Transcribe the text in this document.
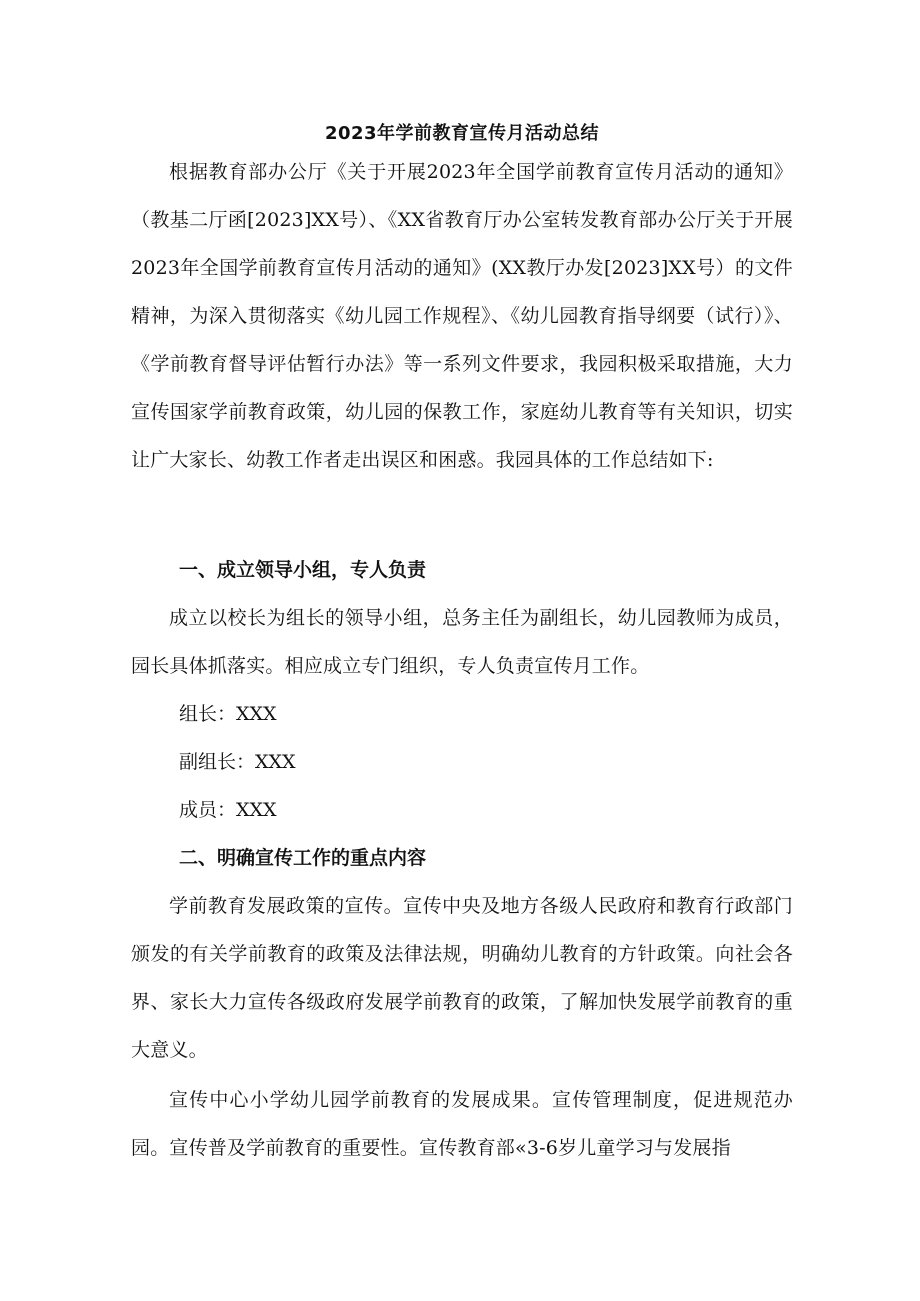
2023年学前教育宣传月活动总结

根据教育部办公厅《关于开展2023年全国学前教育宣传月活动的通知》（教基二厅函[2023]XX号）、《XX省教育厅办公室转发教育部办公厅关于开展2023年全国学前教育宣传月活动的通知》(XX教厅办发[2023]XX号）的文件精神，为深入贯彻落实《幼儿园工作规程》、《幼儿园教育指导纲要（试行）》、《学前教育督导评估暂行办法》等一系列文件要求，我园积极采取措施，大力宣传国家学前教育政策，幼儿园的保教工作，家庭幼儿教育等有关知识，切实让广大家长、幼教工作者走出误区和困惑。我园具体的工作总结如下:

一、成立领导小组，专人负责

成立以校长为组长的领导小组，总务主任为副组长，幼儿园教师为成员，园长具体抓落实。相应成立专门组织，专人负责宣传月工作。

组长：XXX

副组长：XXX

成员：XXX

二、明确宣传工作的重点内容

学前教育发展政策的宣传。宣传中央及地方各级人民政府和教育行政部门颁发的有关学前教育的政策及法律法规，明确幼儿教育的方针政策。向社会各界、家长大力宣传各级政府发展学前教育的政策，了解加快发展学前教育的重大意义。

宣传中心小学幼儿园学前教育的发展成果。宣传管理制度，促进规范办园。宣传普及学前教育的重要性。宣传教育部«3-6岁儿童学习与发展指
